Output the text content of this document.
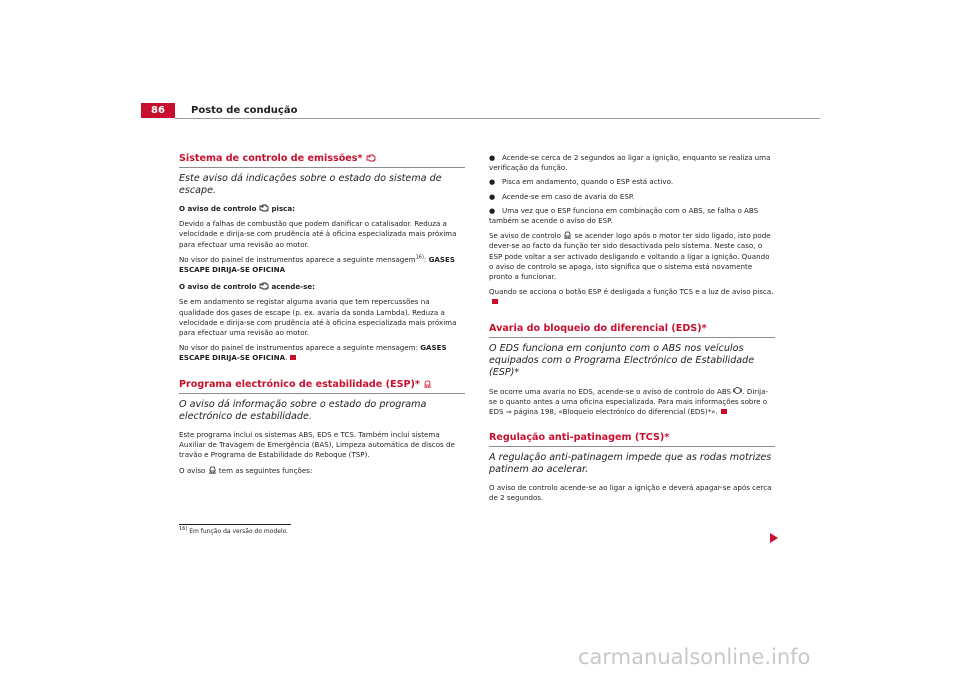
86	Posto de condução
Sistema de controlo de emissões*

Este aviso dá indicações sobre o estado do sistema de escape.

O aviso de controlo pisca:

Devido a falhas de combustão que podem danificar o catalisador. Reduza a velocidade e dirija-se com prudência até à oficina especializada mais próxima para efectuar uma revisão ao motor.

No visor do painel de instrumentos aparece a seguinte mensagem$^{16)}$: GASES ESCAPE DIRIJA-SE OFICINA

O aviso de controlo acende-se:

Se em andamento se registar alguma avaria que tem repercussões na qualidade dos gases de escape (p. ex. avaria da sonda Lambda). Reduza a velocidade e dirija-se com prudência até à oficina especializada mais próxima para efectuar uma revisão ao motor.

No visor do painel de instrumentos aparece a seguinte mensagem: GASES ESCAPE DIRIJA-SE OFICINA.

Programa electrónico de estabilidade (ESP)*

O aviso dá informação sobre o estado do programa electrónico de estabilidade.

Este programa inclui os sistemas ABS, EDS e TCS. Também inclui sistema Auxiliar de Travagem de Emergência (BAS), Limpeza automática de discos de travão e Programa de Estabilidade do Reboque (TSP).

O aviso tem as seguintes funções:

$^{16)}$ Em função da versão do modelo.

● Acende-se cerca de 2 segundos ao ligar a ignição, enquanto se realiza uma verificação da função.

● Pisca em andamento, quando o ESP está activo.

● Acende-se em caso de avaria do ESP.

● Uma vez que o ESP funciona em combinação com o ABS, se falha o ABS também se acende o aviso do ESP.

Se aviso de controlo se acender logo após o motor ter sido ligado, isto pode dever-se ao facto da função ter sido desactivada pelo sistema. Neste caso, o ESP pode voltar a ser activado desligando e voltando a ligar a ignição. Quando o aviso de controlo se apaga, isto significa que o sistema está novamente pronto a funcionar.

Quando se acciona o botão ESP é desligada a função TCS e a luz de aviso pisca.

Avaria do bloqueio do diferencial (EDS)*

O EDS funciona em conjunto com o ABS nos veículos equipados com o Programa Electrónico de Estabilidade (ESP)*

Se ocorre uma avaria no EDS, acende-se o aviso de controlo do ABS . Dirija-se o quanto antes a uma oficina especializada. Para mais informações sobre o EDS ⇒ página 198, «Bloqueio electrónico do diferencial (EDS)*».

Regulação anti-patinagem (TCS)*

A regulação anti-patinagem impede que as rodas motrizes patinem ao acelerar.

O aviso de controlo acende-se ao ligar a ignição e deverá apagar-se após cerca de 2 segundos.

carmanualsonline.info
